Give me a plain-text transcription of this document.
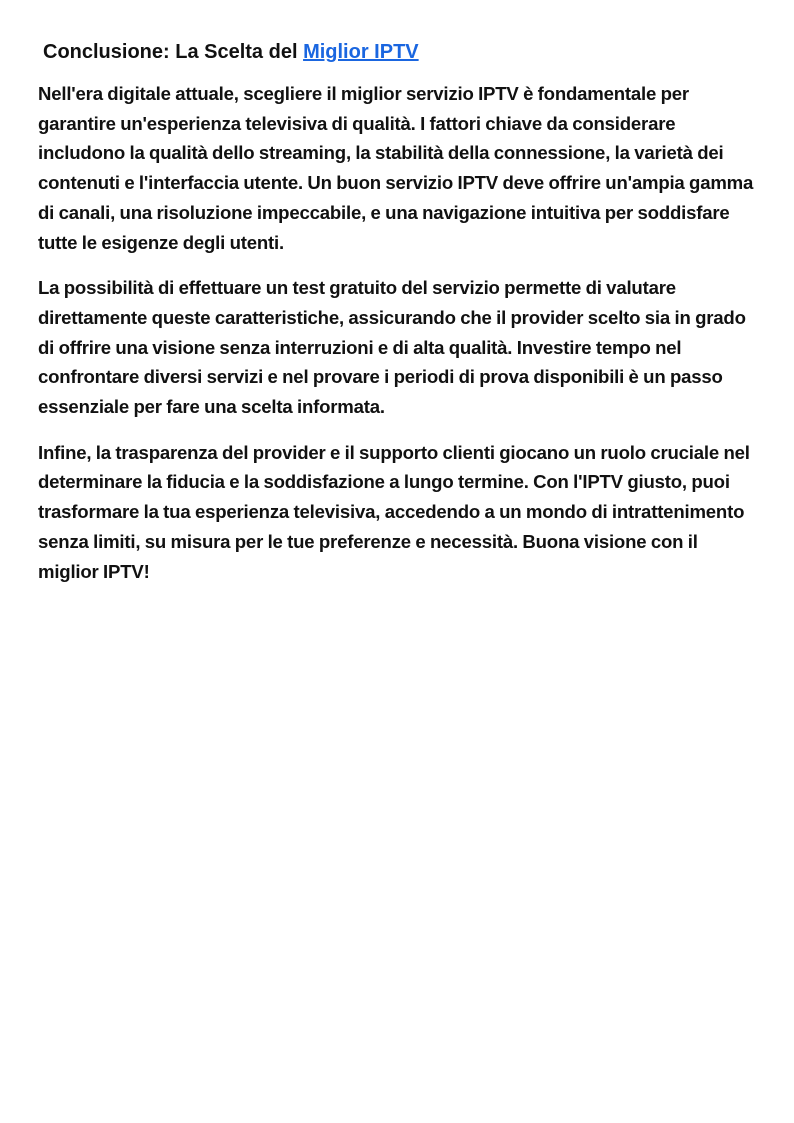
Conclusione: La Scelta del Miglior IPTV

Nell'era digitale attuale, scegliere il miglior servizio IPTV è fondamentale per garantire un'esperienza televisiva di qualità. I fattori chiave da considerare includono la qualità dello streaming, la stabilità della connessione, la varietà dei contenuti e l'interfaccia utente. Un buon servizio IPTV deve offrire un'ampia gamma di canali, una risoluzione impeccabile, e una navigazione intuitiva per soddisfare tutte le esigenze degli utenti.

La possibilità di effettuare un test gratuito del servizio permette di valutare direttamente queste caratteristiche, assicurando che il provider scelto sia in grado di offrire una visione senza interruzioni e di alta qualità. Investire tempo nel confrontare diversi servizi e nel provare i periodi di prova disponibili è un passo essenziale per fare una scelta informata.

Infine, la trasparenza del provider e il supporto clienti giocano un ruolo cruciale nel determinare la fiducia e la soddisfazione a lungo termine. Con l'IPTV giusto, puoi trasformare la tua esperienza televisiva, accedendo a un mondo di intrattenimento senza limiti, su misura per le tue preferenze e necessità. Buona visione con il miglior IPTV!
